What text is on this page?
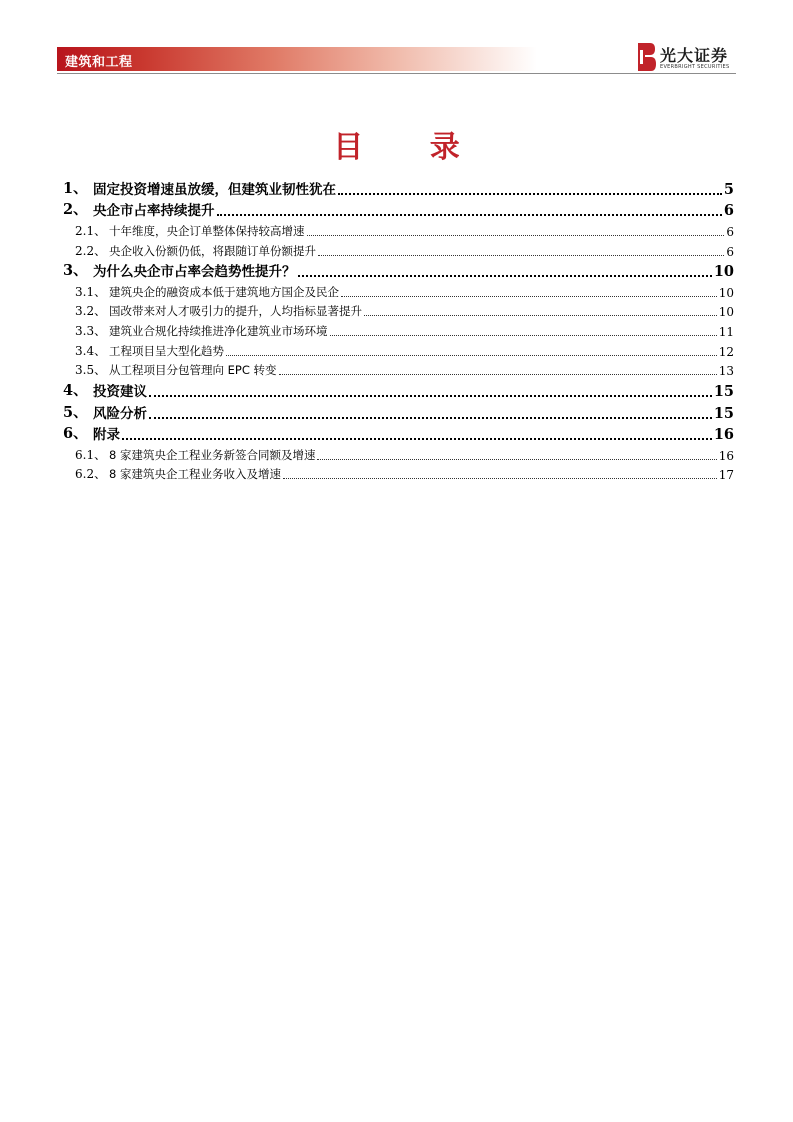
建筑和工程	光大证券
EVERBRIGHT SECURITIES
目 录
1、 固定投资增速虽放缓，但建筑业韧性犹在	5
2、 央企市占率持续提升	6
2.1、 十年维度，央企订单整体保持较高增速	6
2.2、 央企收入份额仍低，将跟随订单份额提升	6
3、 为什么央企市占率会趋势性提升？	10
3.1、 建筑央企的融资成本低于建筑地方国企及民企	10
3.2、 国改带来对人才吸引力的提升，人均指标显著提升	10
3.3、 建筑业合规化持续推进净化建筑业市场环境	11
3.4、 工程项目呈大型化趋势	12
3.5、 从工程项目分包管理向 EPC 转变	13
4、 投资建议	15
5、 风险分析	15
6、 附录	16
6.1、 8 家建筑央企工程业务新签合同额及增速	16
6.2、 8 家建筑央企工程业务收入及增速	17
